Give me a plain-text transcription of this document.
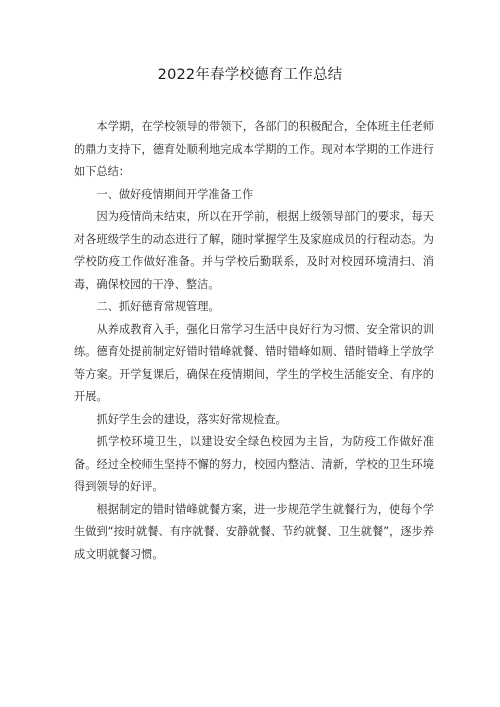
2022年春学校德育工作总结

本学期，在学校领导的带领下，各部门的积极配合，全体班主任老师的鼎力支持下，德育处顺利地完成本学期的工作。现对本学期的工作进行如下总结：

一、做好疫情期间开学准备工作

因为疫情尚未结束，所以在开学前，根据上级领导部门的要求，每天对各班级学生的动态进行了解，随时掌握学生及家庭成员的行程动态。为学校防疫工作做好准备。并与学校后勤联系，及时对校园环境清扫、消毒，确保校园的干净、整洁。

二、抓好德育常规管理。

从养成教育入手，强化日常学习生活中良好行为习惯、安全常识的训练。德育处提前制定好错时错峰就餐、错时错峰如厕、错时错峰上学放学等方案。开学复课后，确保在疫情期间，学生的学校生活能安全、有序的开展。

抓好学生会的建设，落实好常规检查。

抓学校环境卫生，以建设安全绿色校园为主旨，为防疫工作做好准备。经过全校师生坚持不懈的努力，校园内整洁、清新，学校的卫生环境得到领导的好评。

根据制定的错时错峰就餐方案，进一步规范学生就餐行为，使每个学生做到“按时就餐、有序就餐、安静就餐、节约就餐、卫生就餐”，逐步养成文明就餐习惯。
